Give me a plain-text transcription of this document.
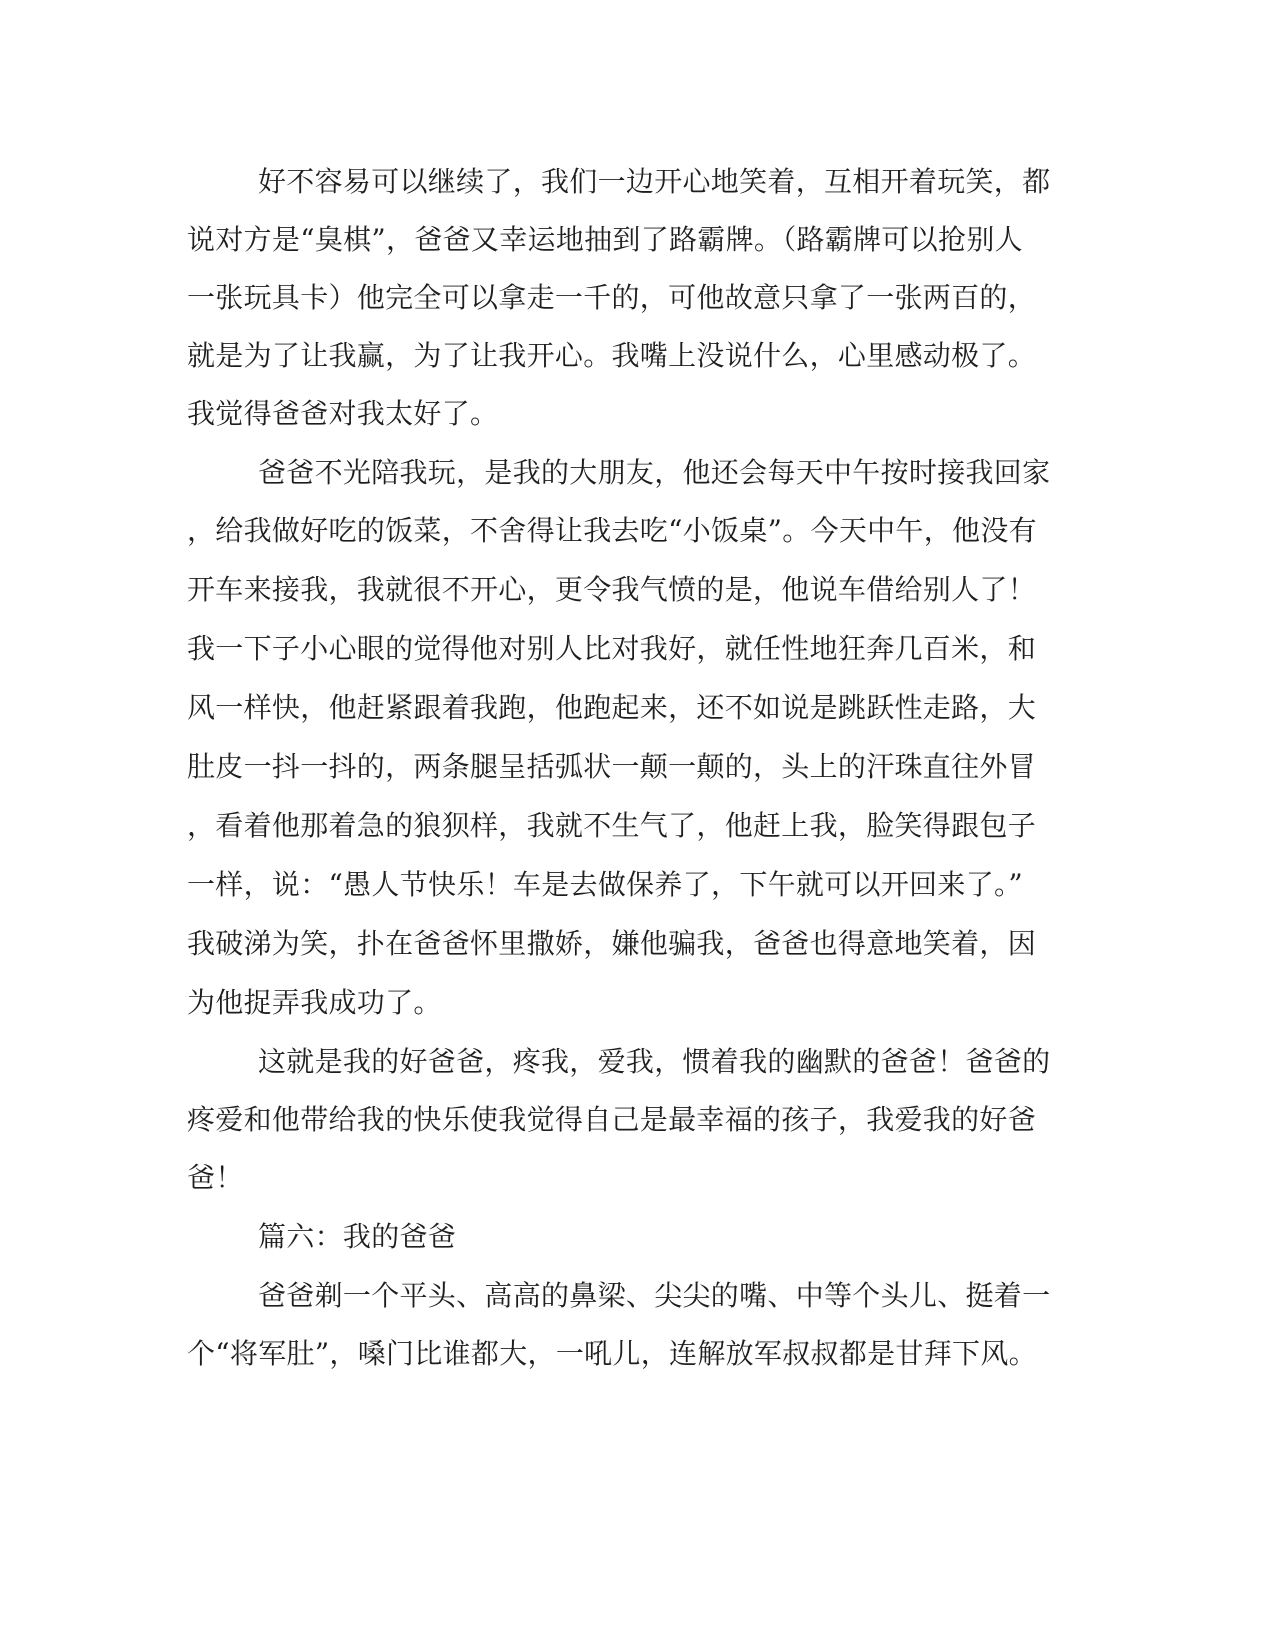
好不容易可以继续了，我们一边开心地笑着，互相开着玩笑，都
说对方是“臭棋”，爸爸又幸运地抽到了路霸牌。（路霸牌可以抢别人
一张玩具卡）他完全可以拿走一千的，可他故意只拿了一张两百的，
就是为了让我赢，为了让我开心。我嘴上没说什么，心里感动极了。
我觉得爸爸对我太好了。
爸爸不光陪我玩，是我的大朋友，他还会每天中午按时接我回家
，给我做好吃的饭菜，不舍得让我去吃“小饭桌”。今天中午，他没有
开车来接我，我就很不开心，更令我气愤的是，他说车借给别人了！
我一下子小心眼的觉得他对别人比对我好，就任性地狂奔几百米，和
风一样快，他赶紧跟着我跑，他跑起来，还不如说是跳跃性走路，大
肚皮一抖一抖的，两条腿呈括弧状一颠一颠的，头上的汗珠直往外冒
，看着他那着急的狼狈样，我就不生气了，他赶上我，脸笑得跟包子
一样，说：“愚人节快乐！车是去做保养了，下午就可以开回来了。”
我破涕为笑，扑在爸爸怀里撒娇，嫌他骗我，爸爸也得意地笑着，因
为他捉弄我成功了。
这就是我的好爸爸，疼我，爱我，惯着我的幽默的爸爸！爸爸的
疼爱和他带给我的快乐使我觉得自己是最幸福的孩子，我爱我的好爸
爸！
篇六：我的爸爸
爸爸剃一个平头、高高的鼻梁、尖尖的嘴、中等个头儿、挺着一
个“将军肚”，嗓门比谁都大，一吼儿，连解放军叔叔都是甘拜下风。
